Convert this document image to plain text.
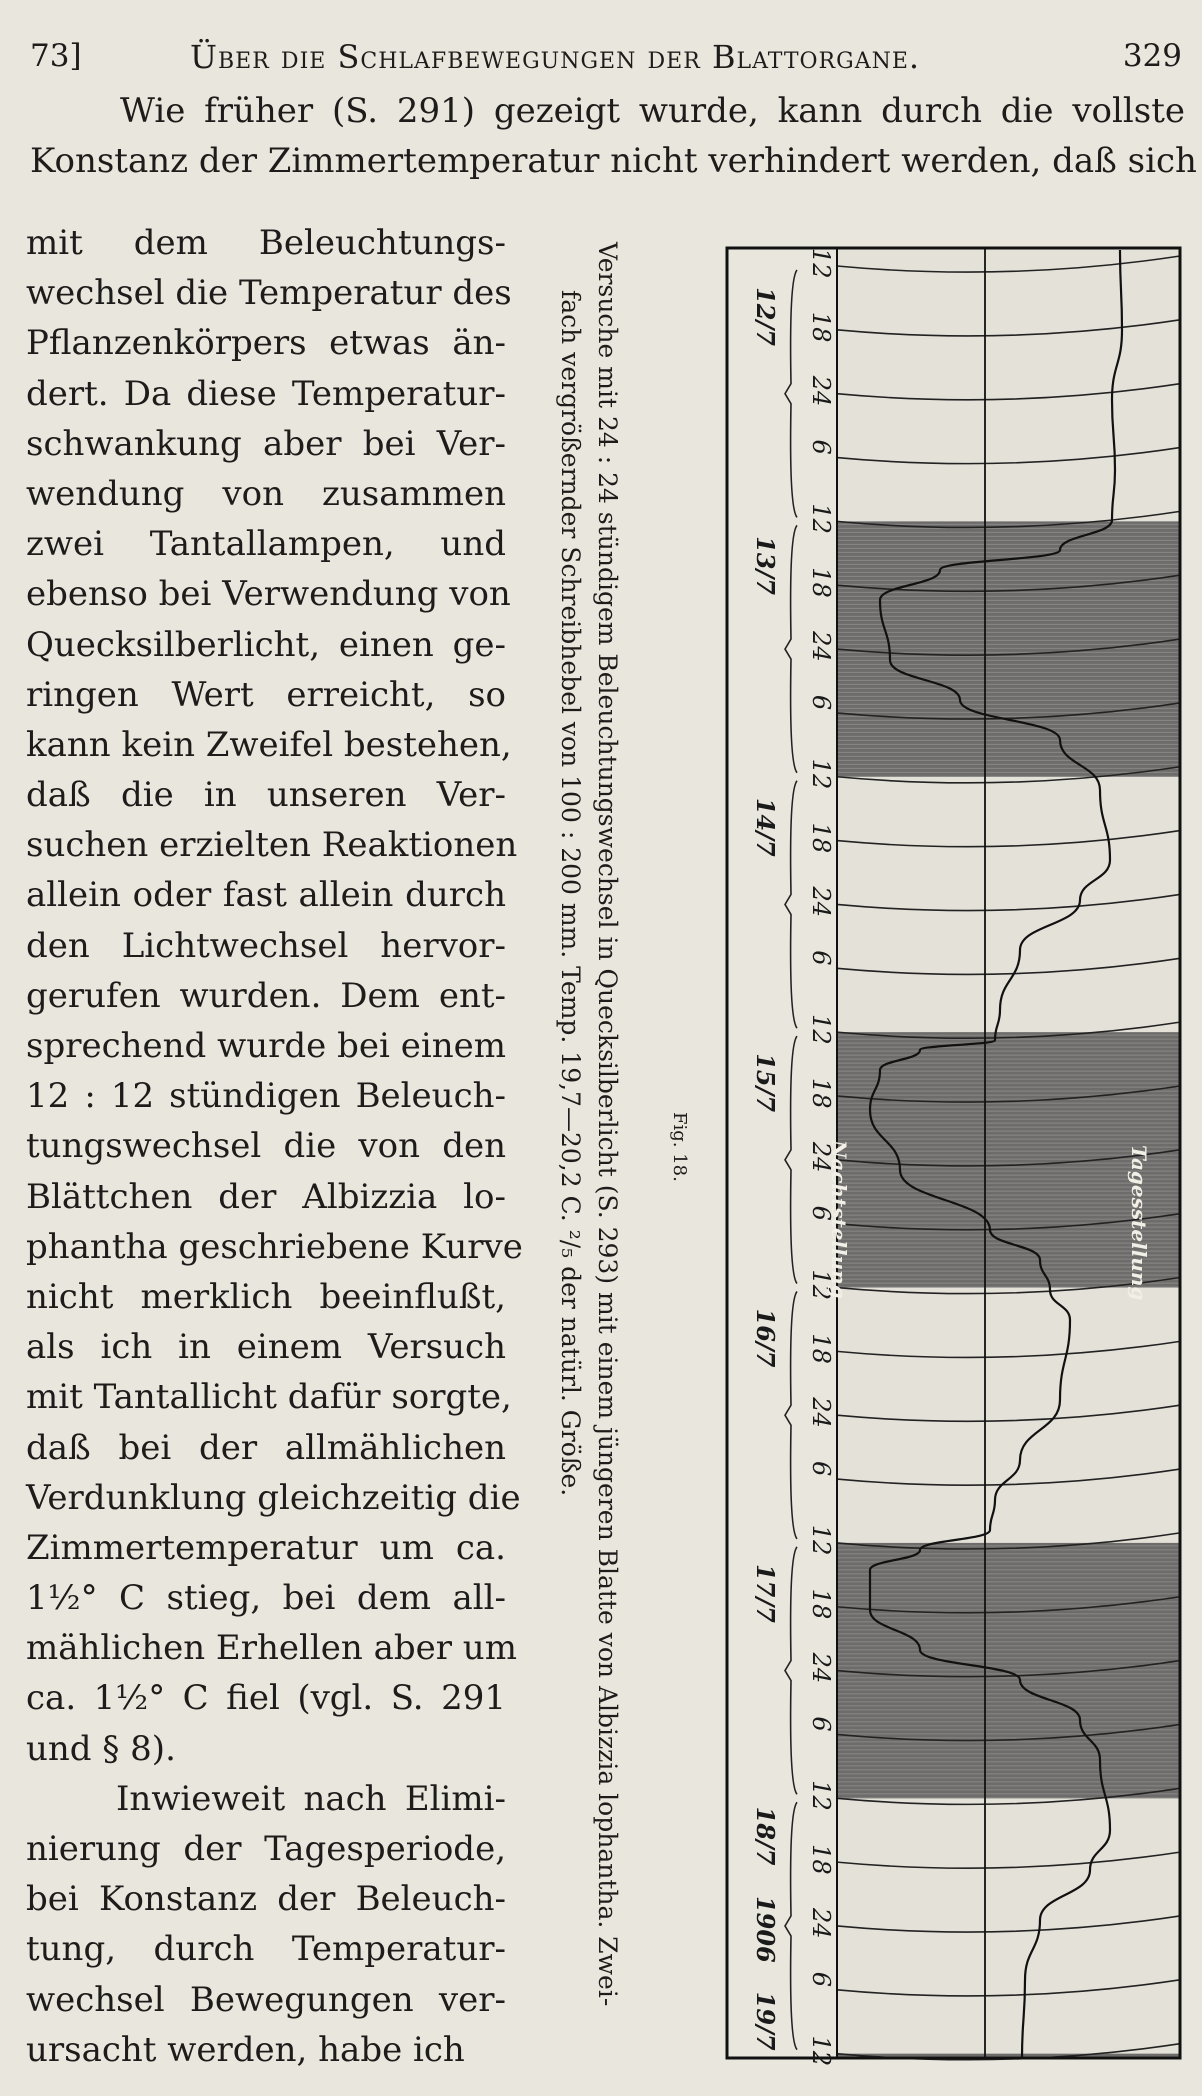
73]	Über die Schlafbewegungen der Blattorgane.	329
Wie früher (S. 291) gezeigt wurde, kann durch die vollste
Konstanz der Zimmertemperatur nicht verhindert werden, daß sich
mit dem Beleuchtungs-
wechsel die Temperatur des
Pflanzenkörpers etwas än-
dert. Da diese Temperatur-
schwankung aber bei Ver-
wendung von zusammen
zwei Tantallampen, und
ebenso bei Verwendung von
Quecksilberlicht, einen ge-
ringen Wert erreicht, so
kann kein Zweifel bestehen,
daß die in unseren Ver-
suchen erzielten Reaktionen
allein oder fast allein durch
den Lichtwechsel hervor-
gerufen wurden. Dem ent-
sprechend wurde bei einem
12 : 12 stündigen Beleuch-
tungswechsel die von den
Blättchen der Albizzia lo-
phantha geschriebene Kurve
nicht merklich beeinflußt,
als ich in einem Versuch
mit Tantallicht dafür sorgte,
daß bei der allmählichen
Verdunklung gleichzeitig die
Zimmertemperatur um ca.
1½° C stieg, bei dem all-
mählichen Erhellen aber um
ca. 1½° C fiel (vgl. S. 291
und § 8).
Inwieweit nach Elimi-
nierung der Tagesperiode,
bei Konstanz der Beleuch-
tung, durch Temperatur-
wechsel Bewegungen ver-
ursacht werden, habe ich
12
18
24
6
12
18
24
6
12
18
24
6
12
18
24
6
12
18
24
6
12
18
24
6
12
18
24
6
12
12/7
13/7
14/7
15/7
16/7
17/7
18/7
1906
19/7
Nachtstellung	Tagesstellung
Versuche mit 24 : 24 stündigem Beleuchtungswechsel in Quecksilberlicht (S. 293) mit einem jüngeren Blatte von Albizzia lophantha. Zwei-
fach vergrößernder Schreibhebel von 100 : 200 mm. Temp. 19,7—20,2 C. ²/₅ der natürl. Größe.	Fig. 18.
